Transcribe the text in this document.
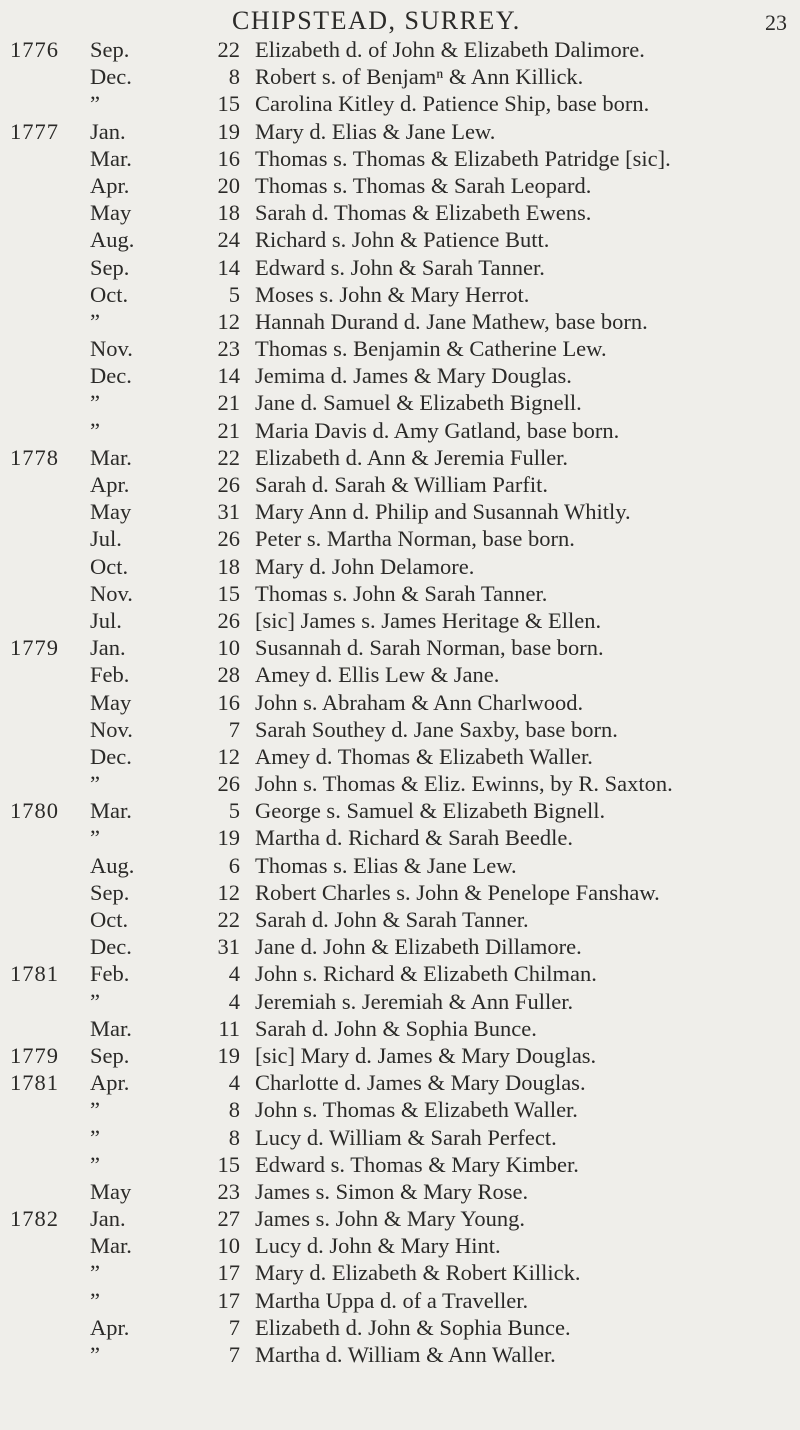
CHIPSTEAD, SURREY.	23
1776 Sep.	22 Elizabeth d. of John & Elizabeth Dalimore.
Dec.	8 Robert s. of Benjamⁿ & Ann Killick.
”	15 Carolina Kitley d. Patience Ship, base born.
1777 Jan.	19 Mary d. Elias & Jane Lew.
Mar.	16 Thomas s. Thomas & Elizabeth Patridge [sic].
Apr.	20 Thomas s. Thomas & Sarah Leopard.
May	18 Sarah d. Thomas & Elizabeth Ewens.
Aug.	24 Richard s. John & Patience Butt.
Sep.	14 Edward s. John & Sarah Tanner.
Oct.	5 Moses s. John & Mary Herrot.
”	12 Hannah Durand d. Jane Mathew, base born.
Nov.	23 Thomas s. Benjamin & Catherine Lew.
Dec.	14 Jemima d. James & Mary Douglas.
”	21 Jane d. Samuel & Elizabeth Bignell.
”	21 Maria Davis d. Amy Gatland, base born.
1778 Mar.	22 Elizabeth d. Ann & Jeremia Fuller.
Apr.	26 Sarah d. Sarah & William Parfit.
May	31 Mary Ann d. Philip and Susannah Whitly.
Jul.	26 Peter s. Martha Norman, base born.
Oct.	18 Mary d. John Delamore.
Nov.	15 Thomas s. John & Sarah Tanner.
Jul.	26 [sic] James s. James Heritage & Ellen.
1779 Jan.	10 Susannah d. Sarah Norman, base born.
Feb.	28 Amey d. Ellis Lew & Jane.
May	16 John s. Abraham & Ann Charlwood.
Nov.	7 Sarah Southey d. Jane Saxby, base born.
Dec.	12 Amey d. Thomas & Elizabeth Waller.
”	26 John s. Thomas & Eliz. Ewinns, by R. Saxton.
1780 Mar.	5 George s. Samuel & Elizabeth Bignell.
”	19 Martha d. Richard & Sarah Beedle.
Aug.	6 Thomas s. Elias & Jane Lew.
Sep.	12 Robert Charles s. John & Penelope Fanshaw.
Oct.	22 Sarah d. John & Sarah Tanner.
Dec.	31 Jane d. John & Elizabeth Dillamore.
1781 Feb.	4 John s. Richard & Elizabeth Chilman.
”	4 Jeremiah s. Jeremiah & Ann Fuller.
Mar.	11 Sarah d. John & Sophia Bunce.
1779 Sep.	19 [sic] Mary d. James & Mary Douglas.
1781 Apr.	4 Charlotte d. James & Mary Douglas.
”	8 John s. Thomas & Elizabeth Waller.
”	8 Lucy d. William & Sarah Perfect.
”	15 Edward s. Thomas & Mary Kimber.
May	23 James s. Simon & Mary Rose.
1782 Jan.	27 James s. John & Mary Young.
Mar.	10 Lucy d. John & Mary Hint.
”	17 Mary d. Elizabeth & Robert Killick.
”	17 Martha Uppa d. of a Traveller.
Apr.	7 Elizabeth d. John & Sophia Bunce.
”	7 Martha d. William & Ann Waller.
